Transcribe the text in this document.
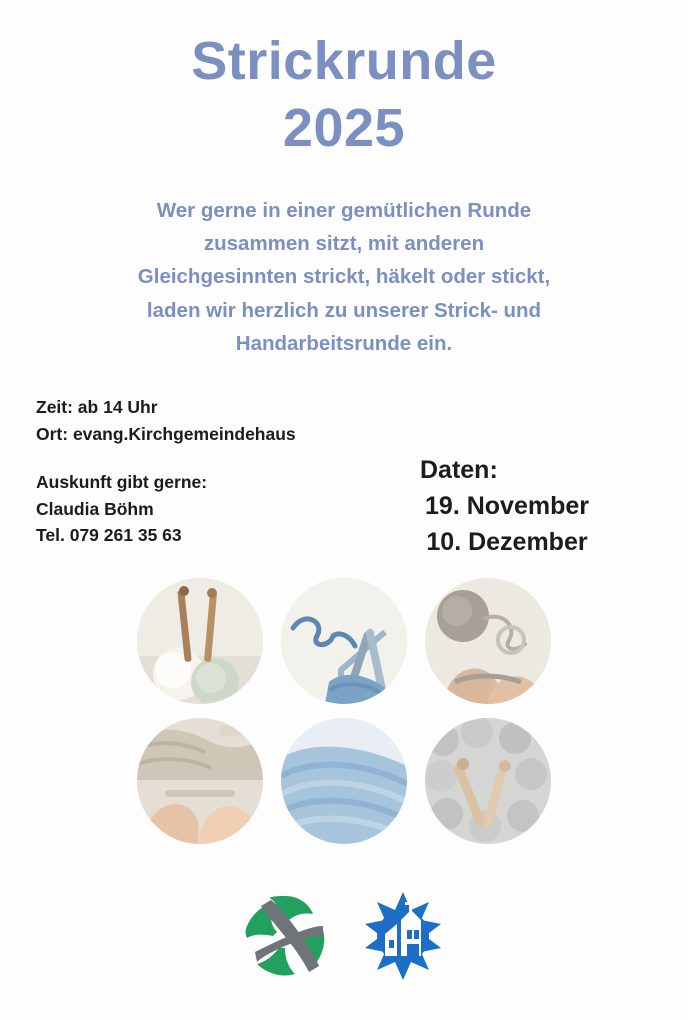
Strickrunde
2025
Wer gerne in einer gemütlichen Runde
zusammen sitzt, mit anderen
Gleichgesinnten strickt, häkelt oder stickt,
laden wir herzlich zu unserer Strick- und
Handarbeitsrunde ein.
Zeit: ab 14 Uhr
Ort: evang.Kirchgemeindehaus
Auskunft gibt gerne:
Claudia Böhm
Tel. 079 261 35 63
Daten:
19. November
10. Dezember
